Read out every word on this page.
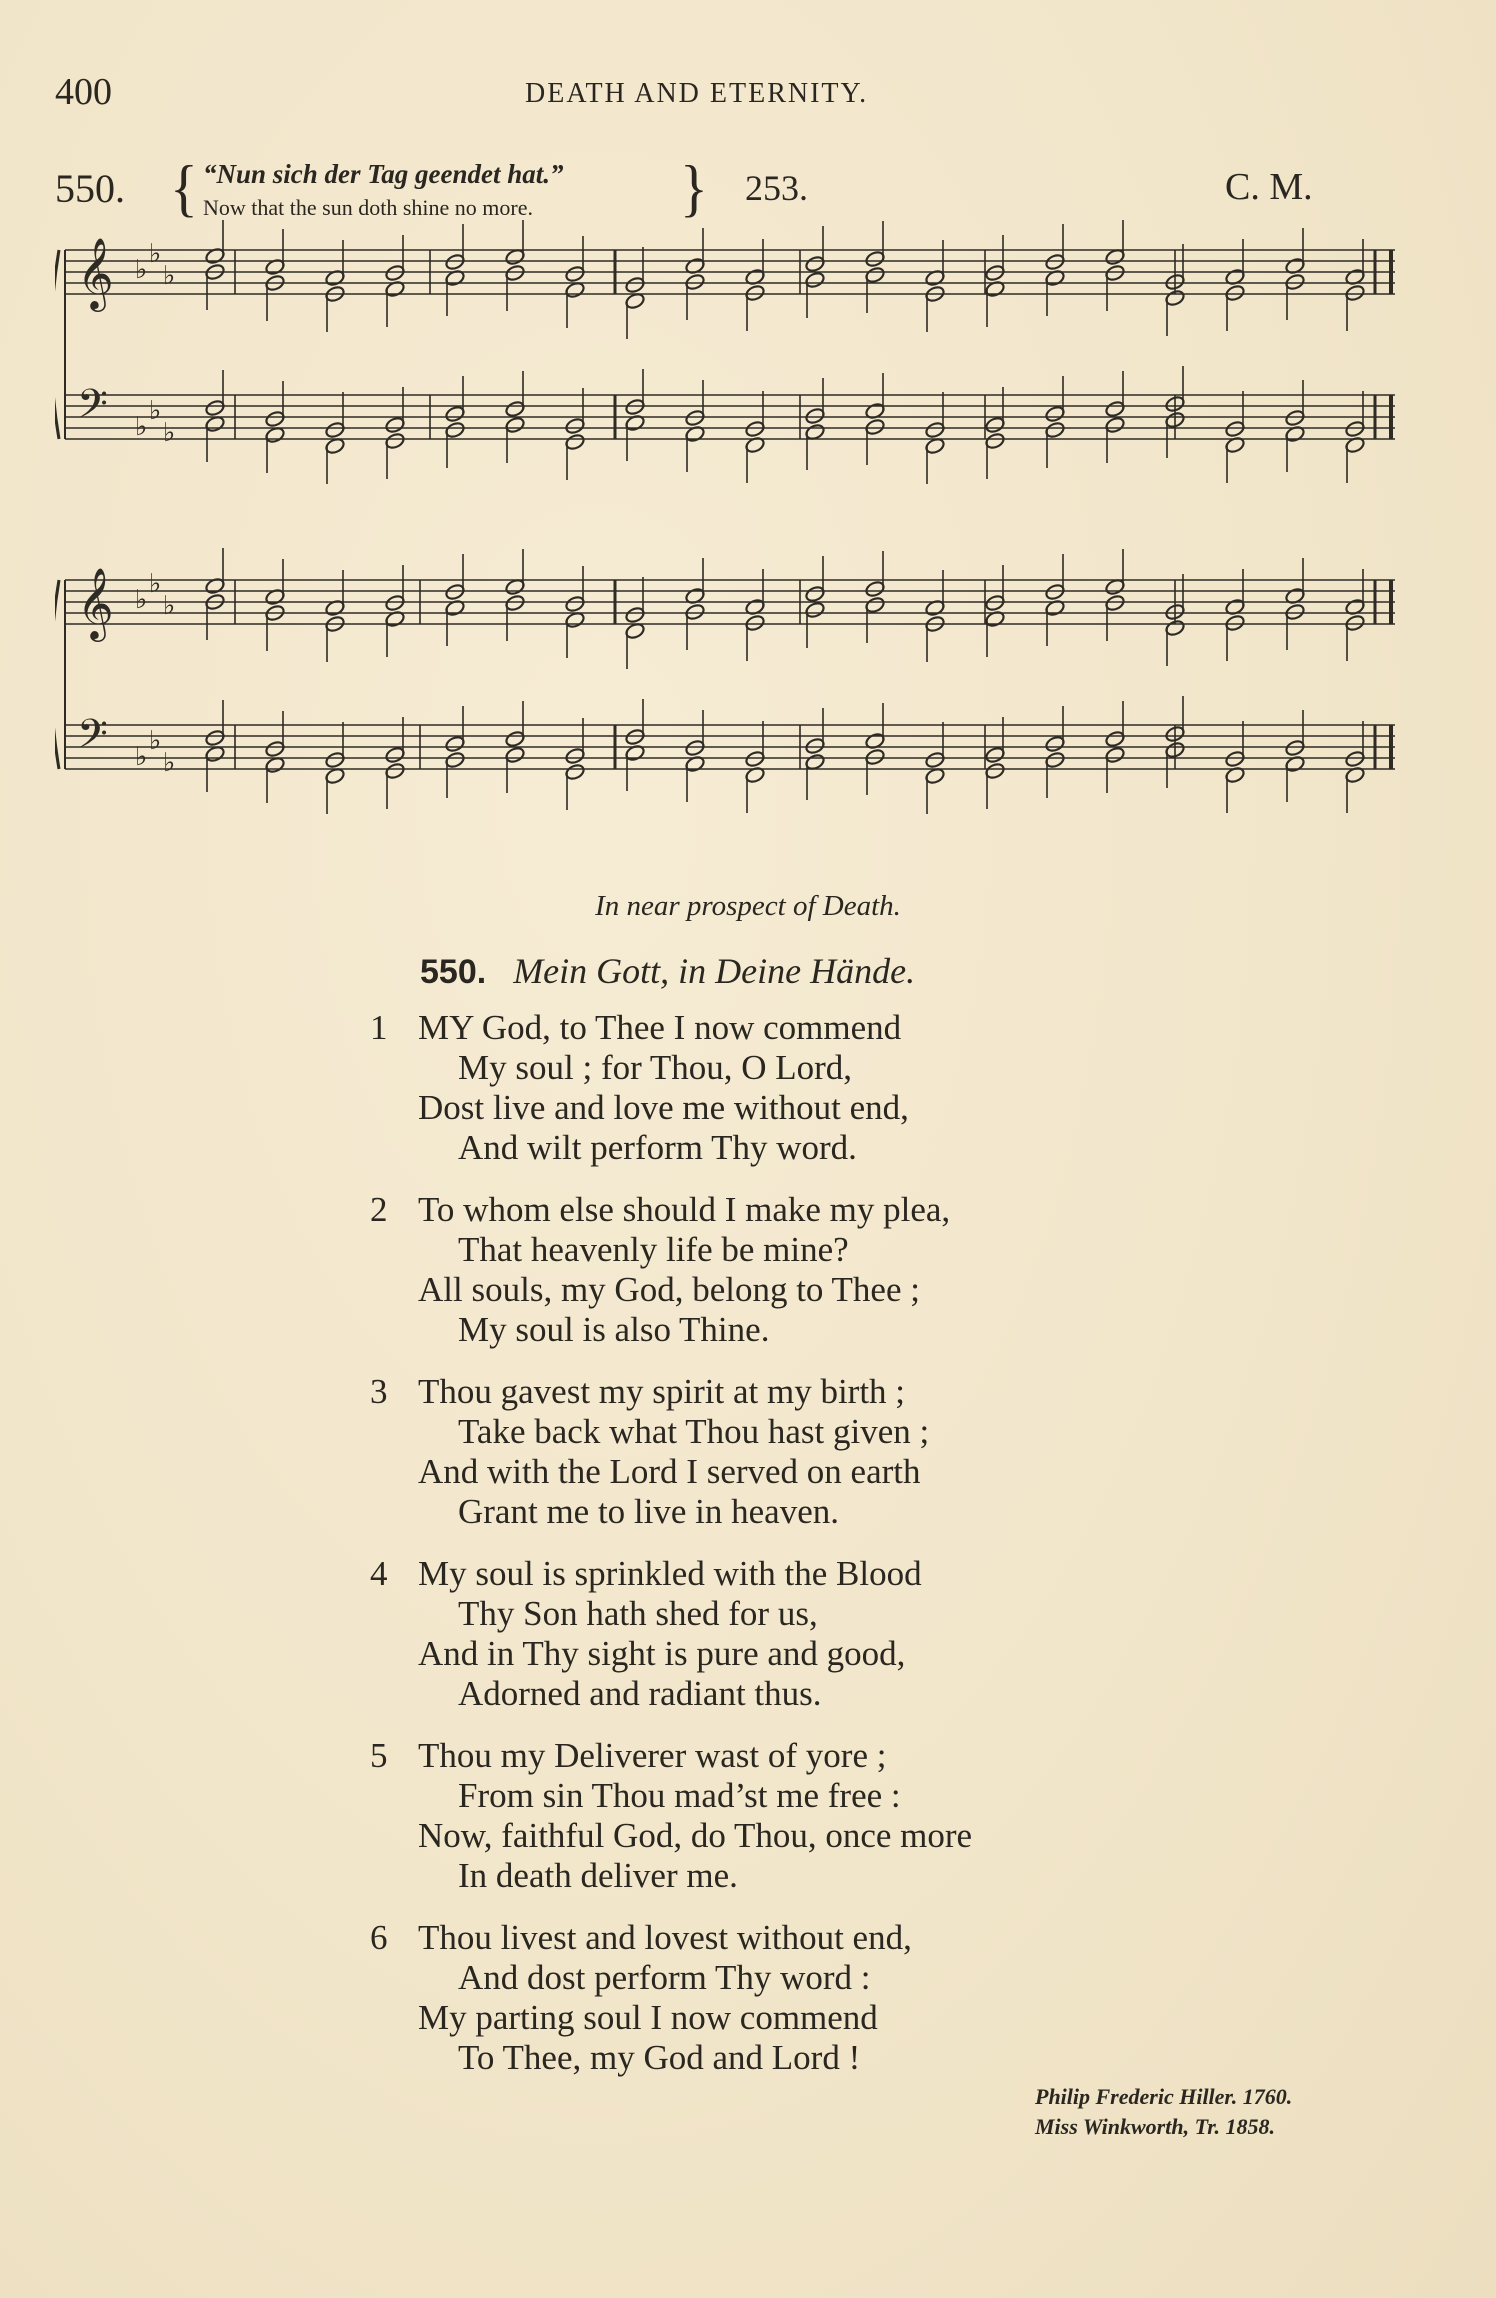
400	DEATH AND ETERNITY.
550. { “Nun sich der Tag geendet hat.”
Now that the sun doth shine no more.	} 253.	C. M.
𝄞 ♭
♭
♭
𝄢 ♭
♭
♭
𝄞 ♭
♭
♭
𝄢 ♭
♭
♭
In near prospect of Death.
550. Mein Gott, in Deine Hände.
1 MY God, to Thee I now commend
My soul ; for Thou, O Lord,
Dost live and love me without end,
And wilt perform Thy word.
2 To whom else should I make my plea,
That heavenly life be mine?
All souls, my God, belong to Thee ;
My soul is also Thine.
3 Thou gavest my spirit at my birth ;
Take back what Thou hast given ;
And with the Lord I served on earth
Grant me to live in heaven.
4 My soul is sprinkled with the Blood
Thy Son hath shed for us,
And in Thy sight is pure and good,
Adorned and radiant thus.
5 Thou my Deliverer wast of yore ;
From sin Thou mad’st me free :
Now, faithful God, do Thou, once more
In death deliver me.
6 Thou livest and lovest without end,
And dost perform Thy word :
My parting soul I now commend
To Thee, my God and Lord !
Philip Frederic Hiller. 1760.
Miss Winkworth, Tr. 1858.
